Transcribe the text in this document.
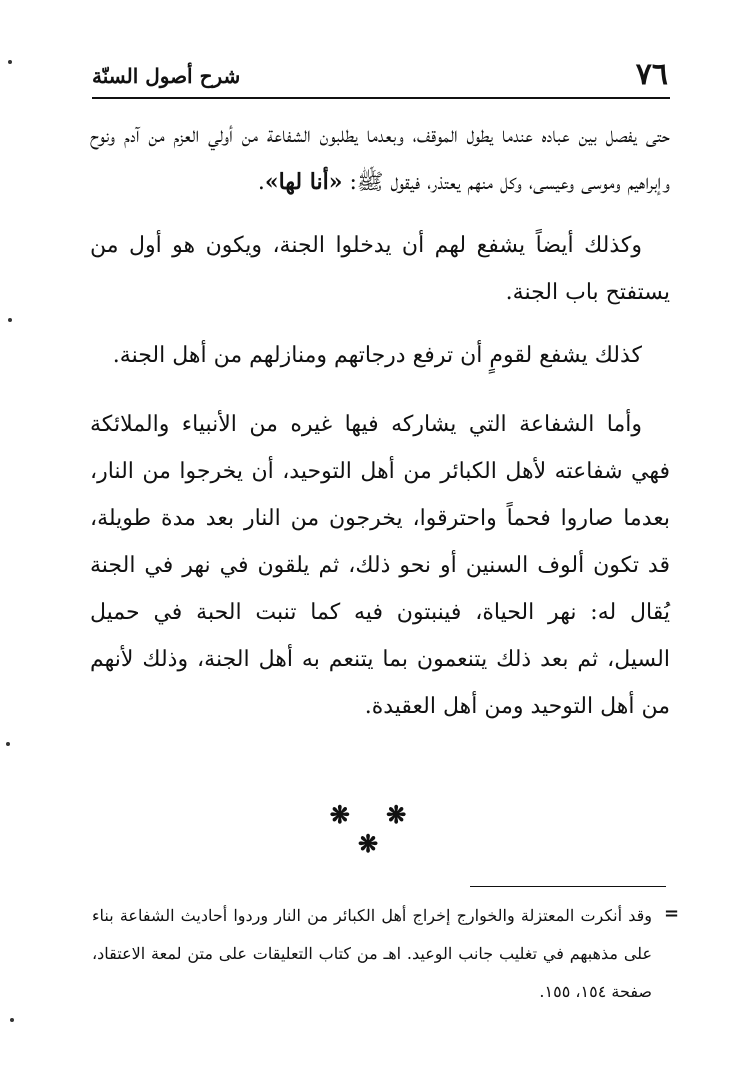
٧٦
شرح أصول السنّة

حتى يفصل بين عباده عندما يطول الموقف، وبعدما يطلبون الشفاعة من أولي العزم من آدم ونوح وإبراهيم وموسى وعيسى، وكل منهم يعتذر، فيقول ﷺ: «أنا لها».

وكذلك أيضاً يشفع لهم أن يدخلوا الجنة، ويكون هو أول من يستفتح باب الجنة.

كذلك يشفع لقومٍ أن ترفع درجاتهم ومنازلهم من أهل الجنة.

وأما الشفاعة التي يشاركه فيها غيره من الأنبياء والملائكة فهي شفاعته لأهل الكبائر من أهل التوحيد، أن يخرجوا من النار، بعدما صاروا فحماً واحترقوا، يخرجون من النار بعد مدة طويلة، قد تكون ألوف السنين أو نحو ذلك، ثم يلقون في نهر في الجنة يُقال له: نهر الحياة، فينبتون فيه كما تنبت الحبة في حميل السيل، ثم بعد ذلك يتنعمون بما يتنعم به أهل الجنة، وذلك لأنهم من أهل التوحيد ومن أهل العقيدة.

❋ ❋ ❋
=
وقد أنكرت المعتزلة والخوارج إخراج أهل الكبائر من النار وردوا أحاديث الشفاعة بناء على مذهبهم في تغليب جانب الوعيد. اهـ من كتاب التعليقات على متن لمعة الاعتقاد، صفحة ١٥٤، ١٥٥.
